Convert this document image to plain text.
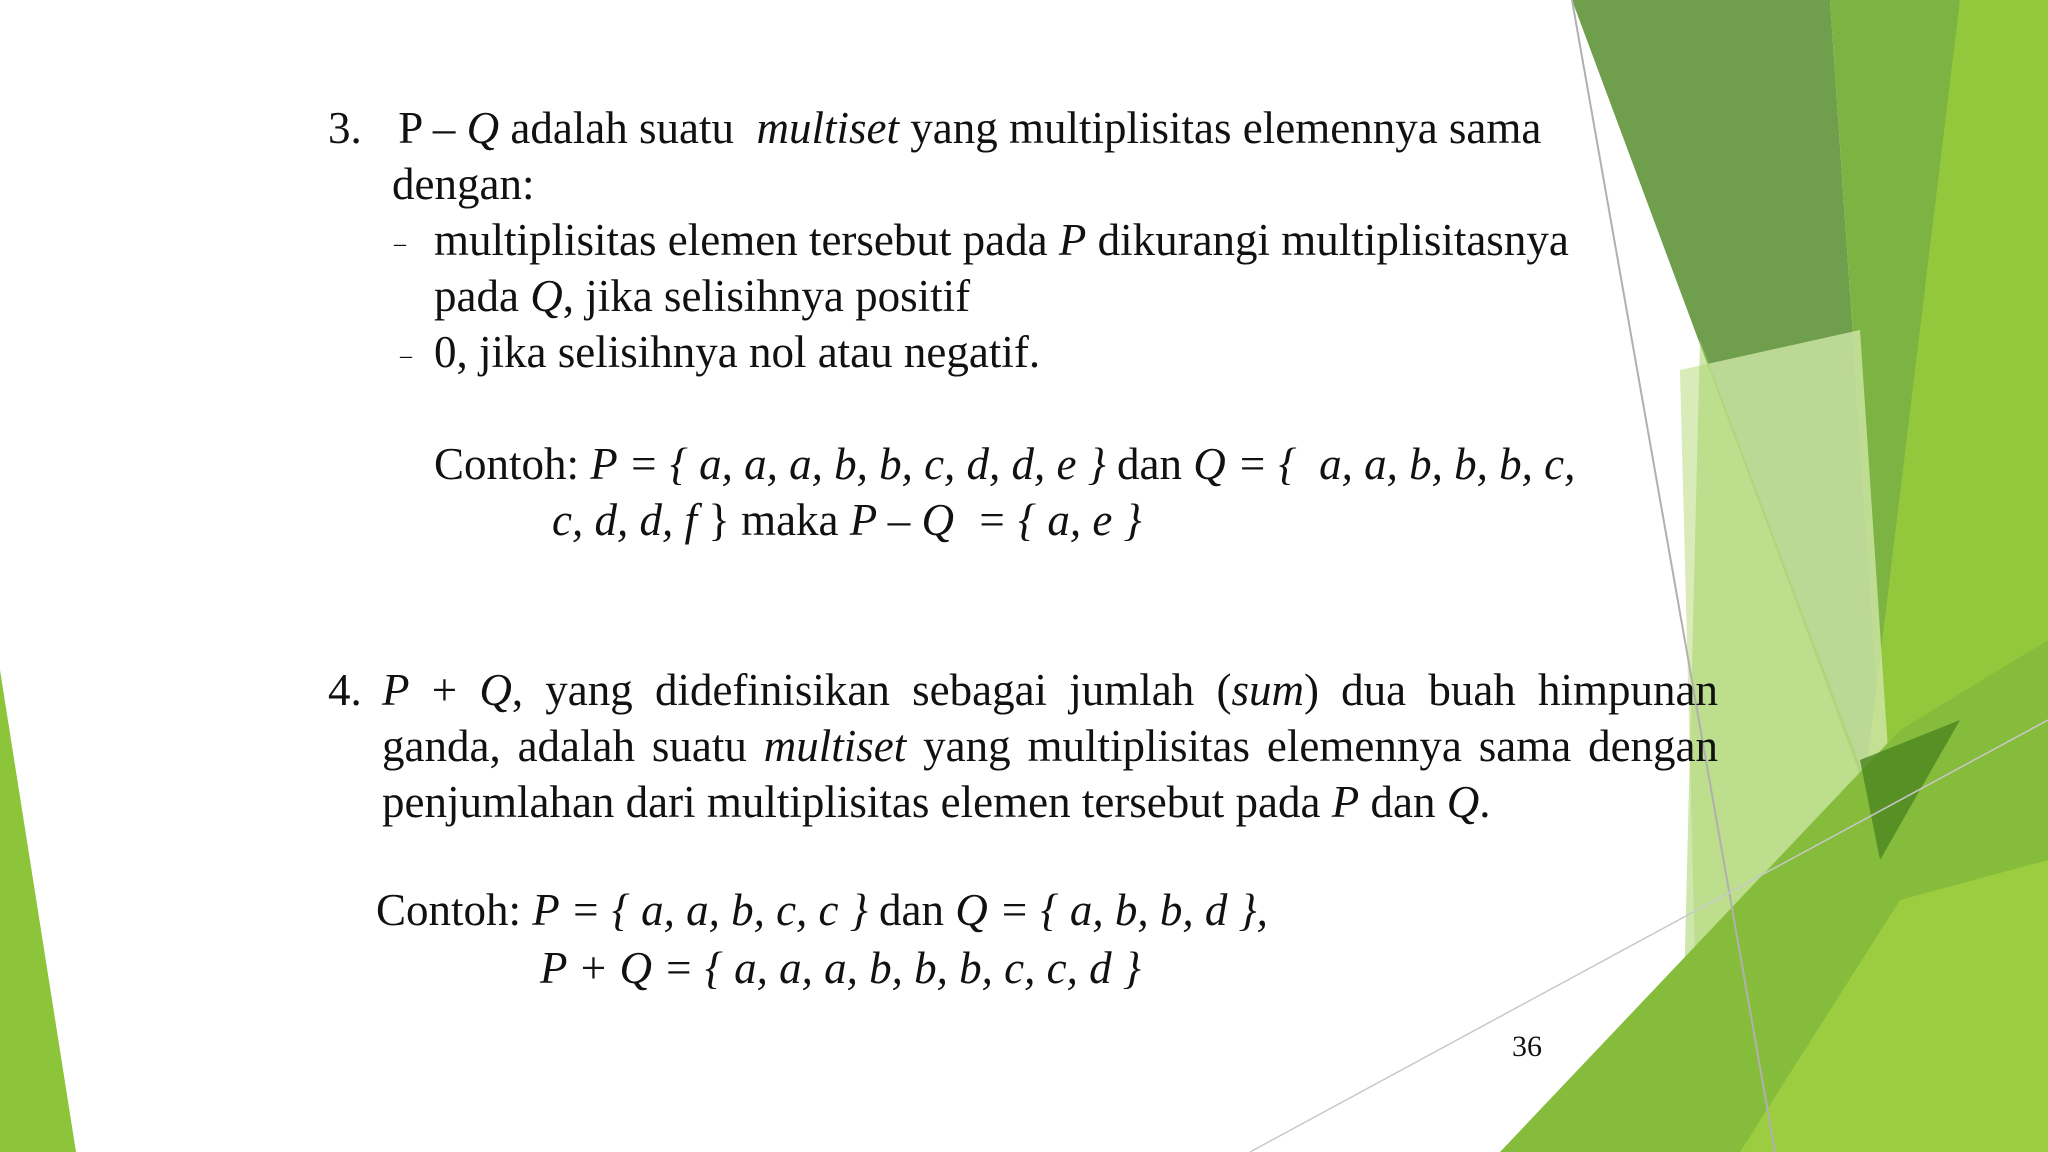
3. P – Q adalah suatu  multiset yang multiplisitas elemennya sama
dengan:
– multiplisitas elemen tersebut pada P dikurangi multiplisitasnya
pada Q, jika selisihnya positif
– 0, jika selisihnya nol atau negatif.
Contoh: P = { a, a, a, b, b, c, d, d, e } dan Q = {  a, a, b, b, b, c,
c, d, d, f } maka P – Q  = { a, e }
4. P + Q, yang didefinisikan sebagai jumlah (sum) dua buah himpunan ganda, adalah suatu multiset yang multiplisitas elemennya sama dengan penjumlahan dari multiplisitas elemen tersebut pada P dan Q.
Contoh: P = { a, a, b, c, c } dan Q = { a, b, b, d },
P + Q = { a, a, a, b, b, b, c, c, d }
36
